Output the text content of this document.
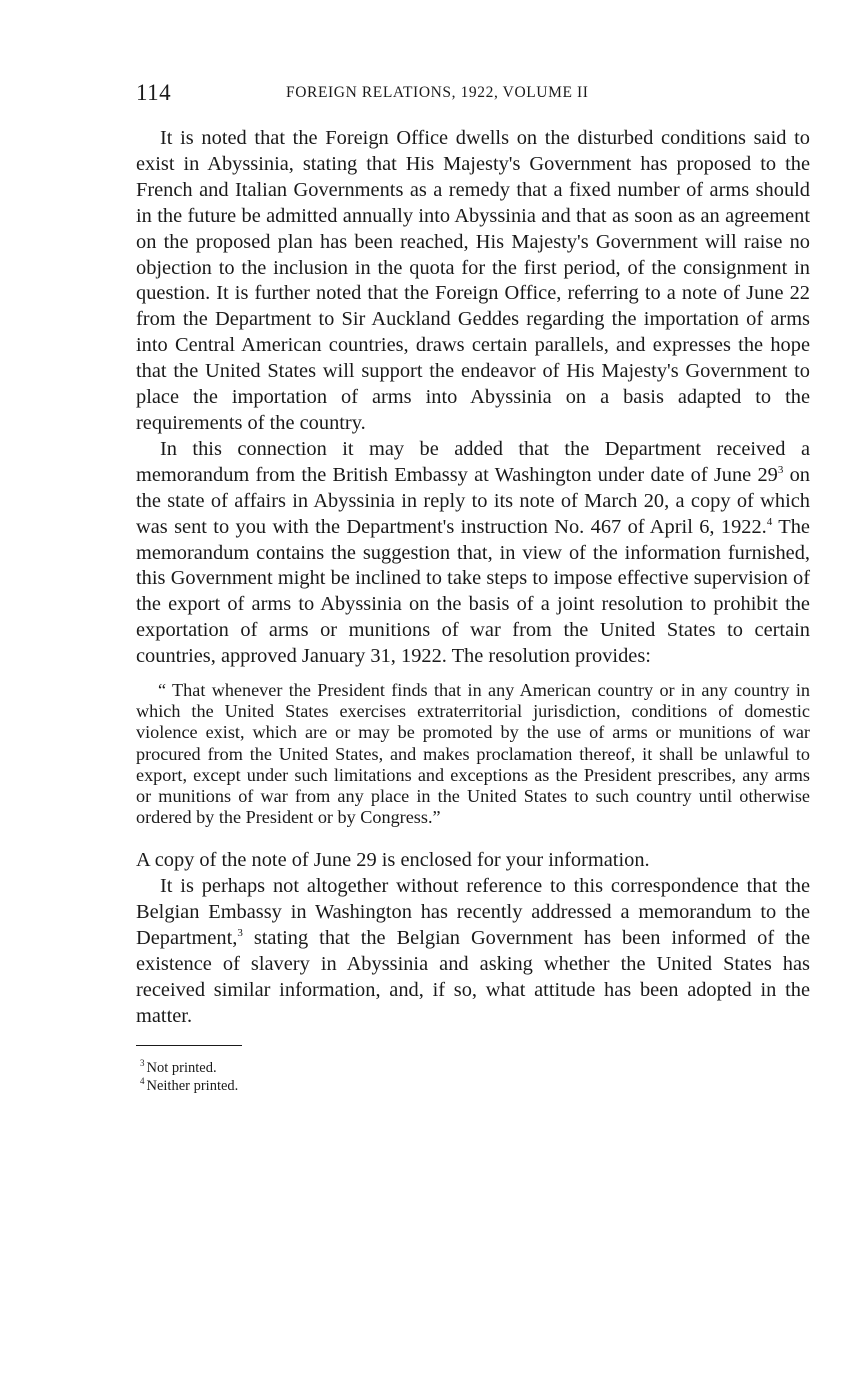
114	FOREIGN RELATIONS, 1922, VOLUME II

It is noted that the Foreign Office dwells on the disturbed conditions said to exist in Abyssinia, stating that His Majesty's Government has proposed to the French and Italian Governments as a remedy that a fixed number of arms should in the future be admitted annually into Abyssinia and that as soon as an agreement on the proposed plan has been reached, His Majesty's Government will raise no objection to the inclusion in the quota for the first period, of the consignment in question. It is further noted that the Foreign Office, referring to a note of June 22 from the Department to Sir Auckland Geddes regarding the importation of arms into Central American countries, draws certain parallels, and expresses the hope that the United States will support the endeavor of His Majesty's Government to place the importation of arms into Abyssinia on a basis adapted to the requirements of the country.

In this connection it may be added that the Department received a memorandum from the British Embassy at Washington under date of June $29^3$ on the state of affairs in Abyssinia in reply to its note of March 20, a copy of which was sent to you with the Department's instruction No. 467 of April 6, 1922.$^4$ The memorandum contains the suggestion that, in view of the information furnished, this Government might be inclined to take steps to impose effective supervision of the export of arms to Abyssinia on the basis of a joint resolution to prohibit the exportation of arms or munitions of war from the United States to certain countries, approved January 31, 1922. The resolution provides:

“ That whenever the President finds that in any American country or in any country in which the United States exercises extraterritorial jurisdiction, conditions of domestic violence exist, which are or may be promoted by the use of arms or munitions of war procured from the United States, and makes proclamation thereof, it shall be unlawful to export, except under such limitations and exceptions as the President prescribes, any arms or munitions of war from any place in the United States to such country until otherwise ordered by the President or by Congress.”

A copy of the note of June 29 is enclosed for your information.

It is perhaps not altogether without reference to this correspondence that the Belgian Embassy in Washington has recently addressed a memorandum to the Department,$^3$ stating that the Belgian Government has been informed of the existence of slavery in Abyssinia and asking whether the United States has received similar information, and, if so, what attitude has been adopted in the matter.

$^3$ Not printed.
$^4$ Neither printed.
